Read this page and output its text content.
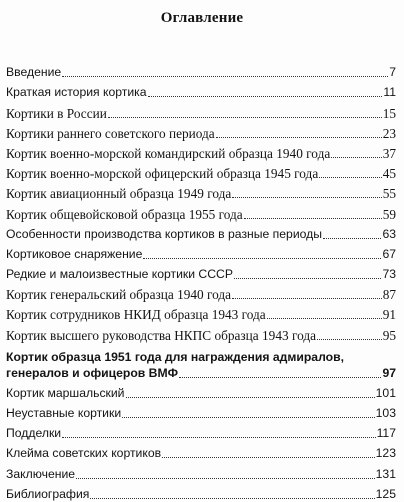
Оглавление
Введение	7
Краткая история кортика	11
Кортики в России	15
Кортики раннего советского периода	23
Кортик военно-морской командирский образца 1940 года	37
Кортик военно-морской офицерский образца 1945 года	45
Кортик авиационный образца 1949 года	55
Кортик общевойсковой образца 1955 года	59
Особенности производства кортиков в разные периоды	63
Кортиковое снаряжение	67
Редкие и малоизвестные кортики СССР	73
Кортик генеральский образца 1940 года	87
Кортик сотрудников НКИД образца 1943 года	91
Кортик высшего руководства НКПС образца 1943 года	95
Кортик образца 1951 года для награждения адмиралов,
генералов и офицеров ВМФ	97
Кортик маршальский	101
Неуставные кортики	103
Подделки	117
Клейма советских кортиков	123
Заключение	131
Библиография	125
